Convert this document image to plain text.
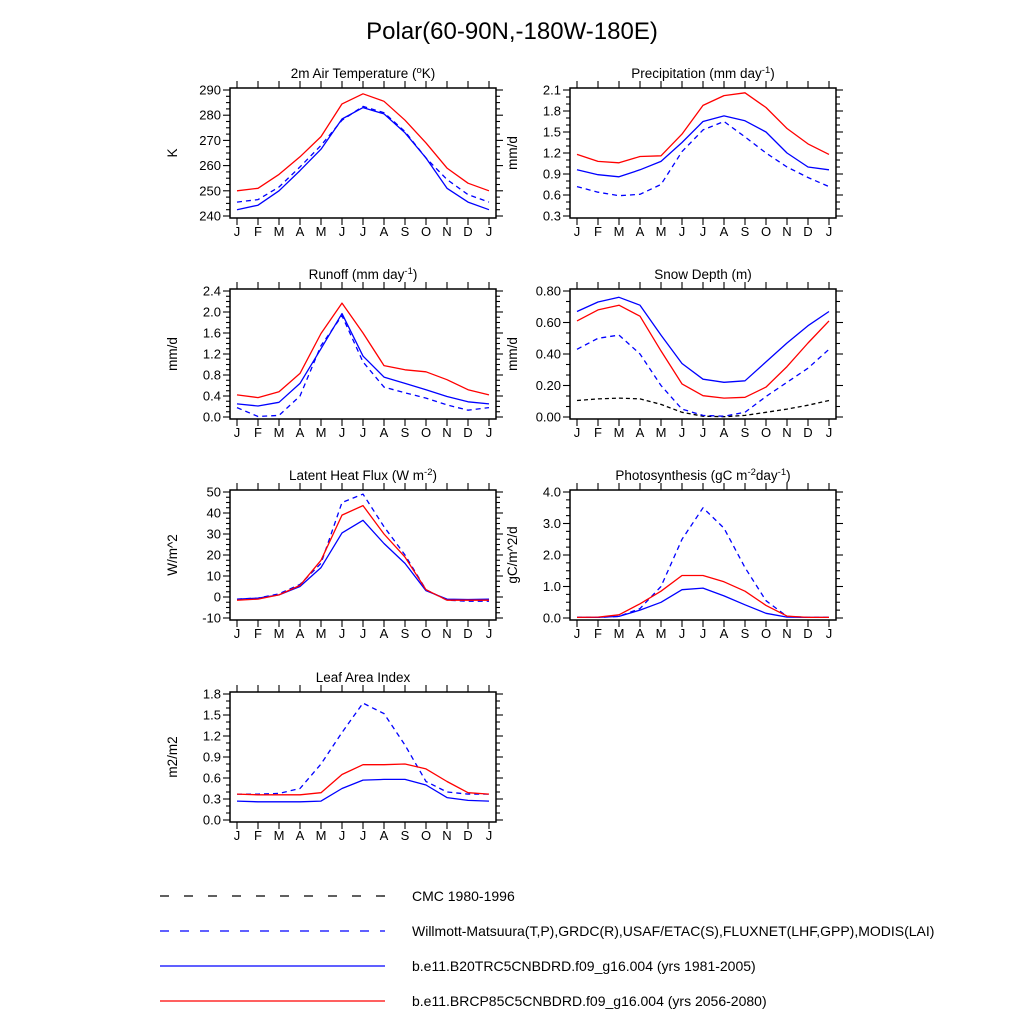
Polar(60-90N,-180W-180E)
240
250
260
270
280
290
J F M A M J J A S O N D J
2m Air Temperature ($^o$K)
K
0.3
0.6
0.9
1.2
1.5
1.8
2.1
J F M A M J J A S O N D J
Precipitation (mm day$^{-1}$)
mm/d
0.0
0.4
0.8
1.2
1.6
2.0
2.4
J F M A M J J A S O N D J
Runoff (mm day$^{-1}$)
mm/d
0.00
0.20
0.40
0.60
0.80
J F M A M J J A S O N D J
Snow Depth (m)
mm/d
-10
0
10
20
30
40
50
J F M A M J J A S O N D J
Latent Heat Flux (W $m^{-2}$)
W/m^2
0.0
1.0
2.0
3.0
4.0
J F M A M J J A S O N D J
Photosynthesis (gC $m^{-2}day^{-1}$)
gC/m^2/d
0.0
0.3
0.6
0.9
1.2
1.5
1.8
J F M A M J J A S O N D J
Leaf Area Index
m2/m2
CMC 1980-1996
Willmott-Matsuura(T,P),GRDC(R),USAF/ETAC(S),FLUXNET(LHF,GPP),MODIS(LAI)
b.e11.B20TRC5CNBDRD.f09_g16.004 (yrs 1981-2005)
b.e11.BRCP85C5CNBDRD.f09_g16.004 (yrs 2056-2080)
